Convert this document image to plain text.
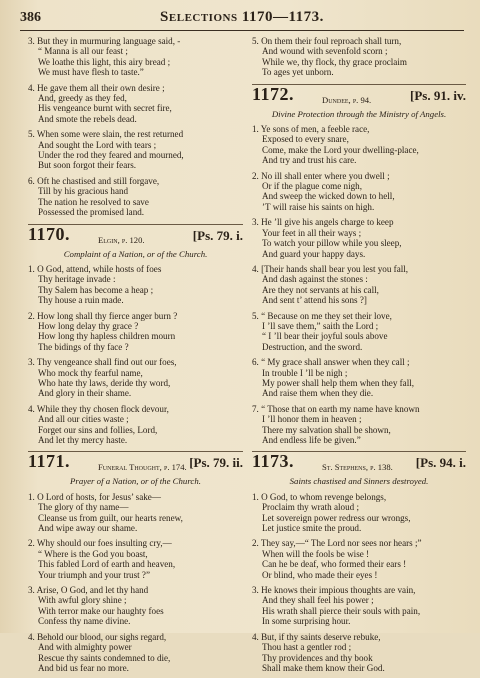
386	Selections 1170—1173.
3. But they in murmuring language said, -
“ Manna is all our feast ;
We loathe this light, this airy bread ;
We must have flesh to taste.”
4. He gave them all their own desire ;
And, greedy as they fed,
His vengeance burnt with secret fire,
And smote the rebels dead.
5. When some were slain, the rest returned
And sought the Lord with tears ;
Under the rod they feared and mourned,
But soon forgot their fears.
6. Oft he chastised and still forgave,
Till by his gracious hand
The nation he resolved to save
Possessed the promised land.
1170.	Elgin, p. 120.	[Ps. 79. i.
Complaint of a Nation, or of the Church.
1. O God, attend, while hosts of foes
Thy heritage invade :
Thy Salem has become a heap ;
Thy house a ruin made.
2. How long shall thy fierce anger burn ?
How long delay thy grace ?
How long thy hapless children mourn
The bidings of thy face ?
3. Thy vengeance shall find out our foes,
Who mock thy fearful name,
Who hate thy laws, deride thy word,
And glory in their shame.
4. While they thy chosen flock devour,
And all our cities waste ;
Forget our sins and follies, Lord,
And let thy mercy haste.
1171.	Funeral Thought, p. 174. [Ps. 79. ii.
Prayer of a Nation, or of the Church.
1. O Lord of hosts, for Jesus’ sake—
The glory of thy name—
Cleanse us from guilt, our hearts renew,
And wipe away our shame.
2. Why should our foes insulting cry,—
“ Where is the God you boast,
This fabled Lord of earth and heaven,
Your triumph and your trust ?”
3. Arise, O God, and let thy hand
With awful glory shine ;
With terror make our haughty foes
Confess thy name divine.
4. Behold our blood, our sighs regard,
And with almighty power
Rescue thy saints condemned to die,
And bid us fear no more.
5. On them their foul reproach shall turn,
And wound with sevenfold scorn ;
While we, thy flock, thy grace proclaim
To ages yet unborn.
1172.	Dundee, p. 94.	[Ps. 91. iv.
Divine Protection through the Ministry of Angels.
1. Ye sons of men, a feeble race,
Exposed to every snare,
Come, make the Lord your dwelling-place,
And try and trust his care.
2. No ill shall enter where you dwell ;
Or if the plague come nigh,
And sweep the wicked down to hell,
’T will raise his saints on high.
3. He ’ll give his angels charge to keep
Your feet in all their ways ;
To watch your pillow while you sleep,
And guard your happy days.
4. [Their hands shall bear you lest you fall,
And dash against the stones :
Are they not servants at his call,
And sent t’ attend his sons ?]
5. “ Because on me they set their love,
I ’ll save them,” saith the Lord ;
“ I ’ll bear their joyful souls above
Destruction, and the sword.
6. “ My grace shall answer when they call ;
In trouble I ’ll be nigh ;
My power shall help them when they fall,
And raise them when they die.
7. “ Those that on earth my name have known
I ’ll honor them in heaven ;
There my salvation shall be shown,
And endless life be given.”
1173.	St. Stephens, p. 138. [Ps. 94. i.
Saints chastised and Sinners destroyed.
1. O God, to whom revenge belongs,
Proclaim thy wrath aloud ;
Let sovereign power redress our wrongs,
Let justice smite the proud.
2. They say,—“ The Lord nor sees nor hears ;”
When will the fools be wise !
Can he be deaf, who formed their ears !
Or blind, who made their eyes !
3. He knows their impious thoughts are vain,
And they shall feel his power ;
His wrath shall pierce their souls with pain,
In some surprising hour.
4. But, if thy saints deserve rebuke,
Thou hast a gentler rod ;
Thy providences and thy book
Shall make them know their God.
